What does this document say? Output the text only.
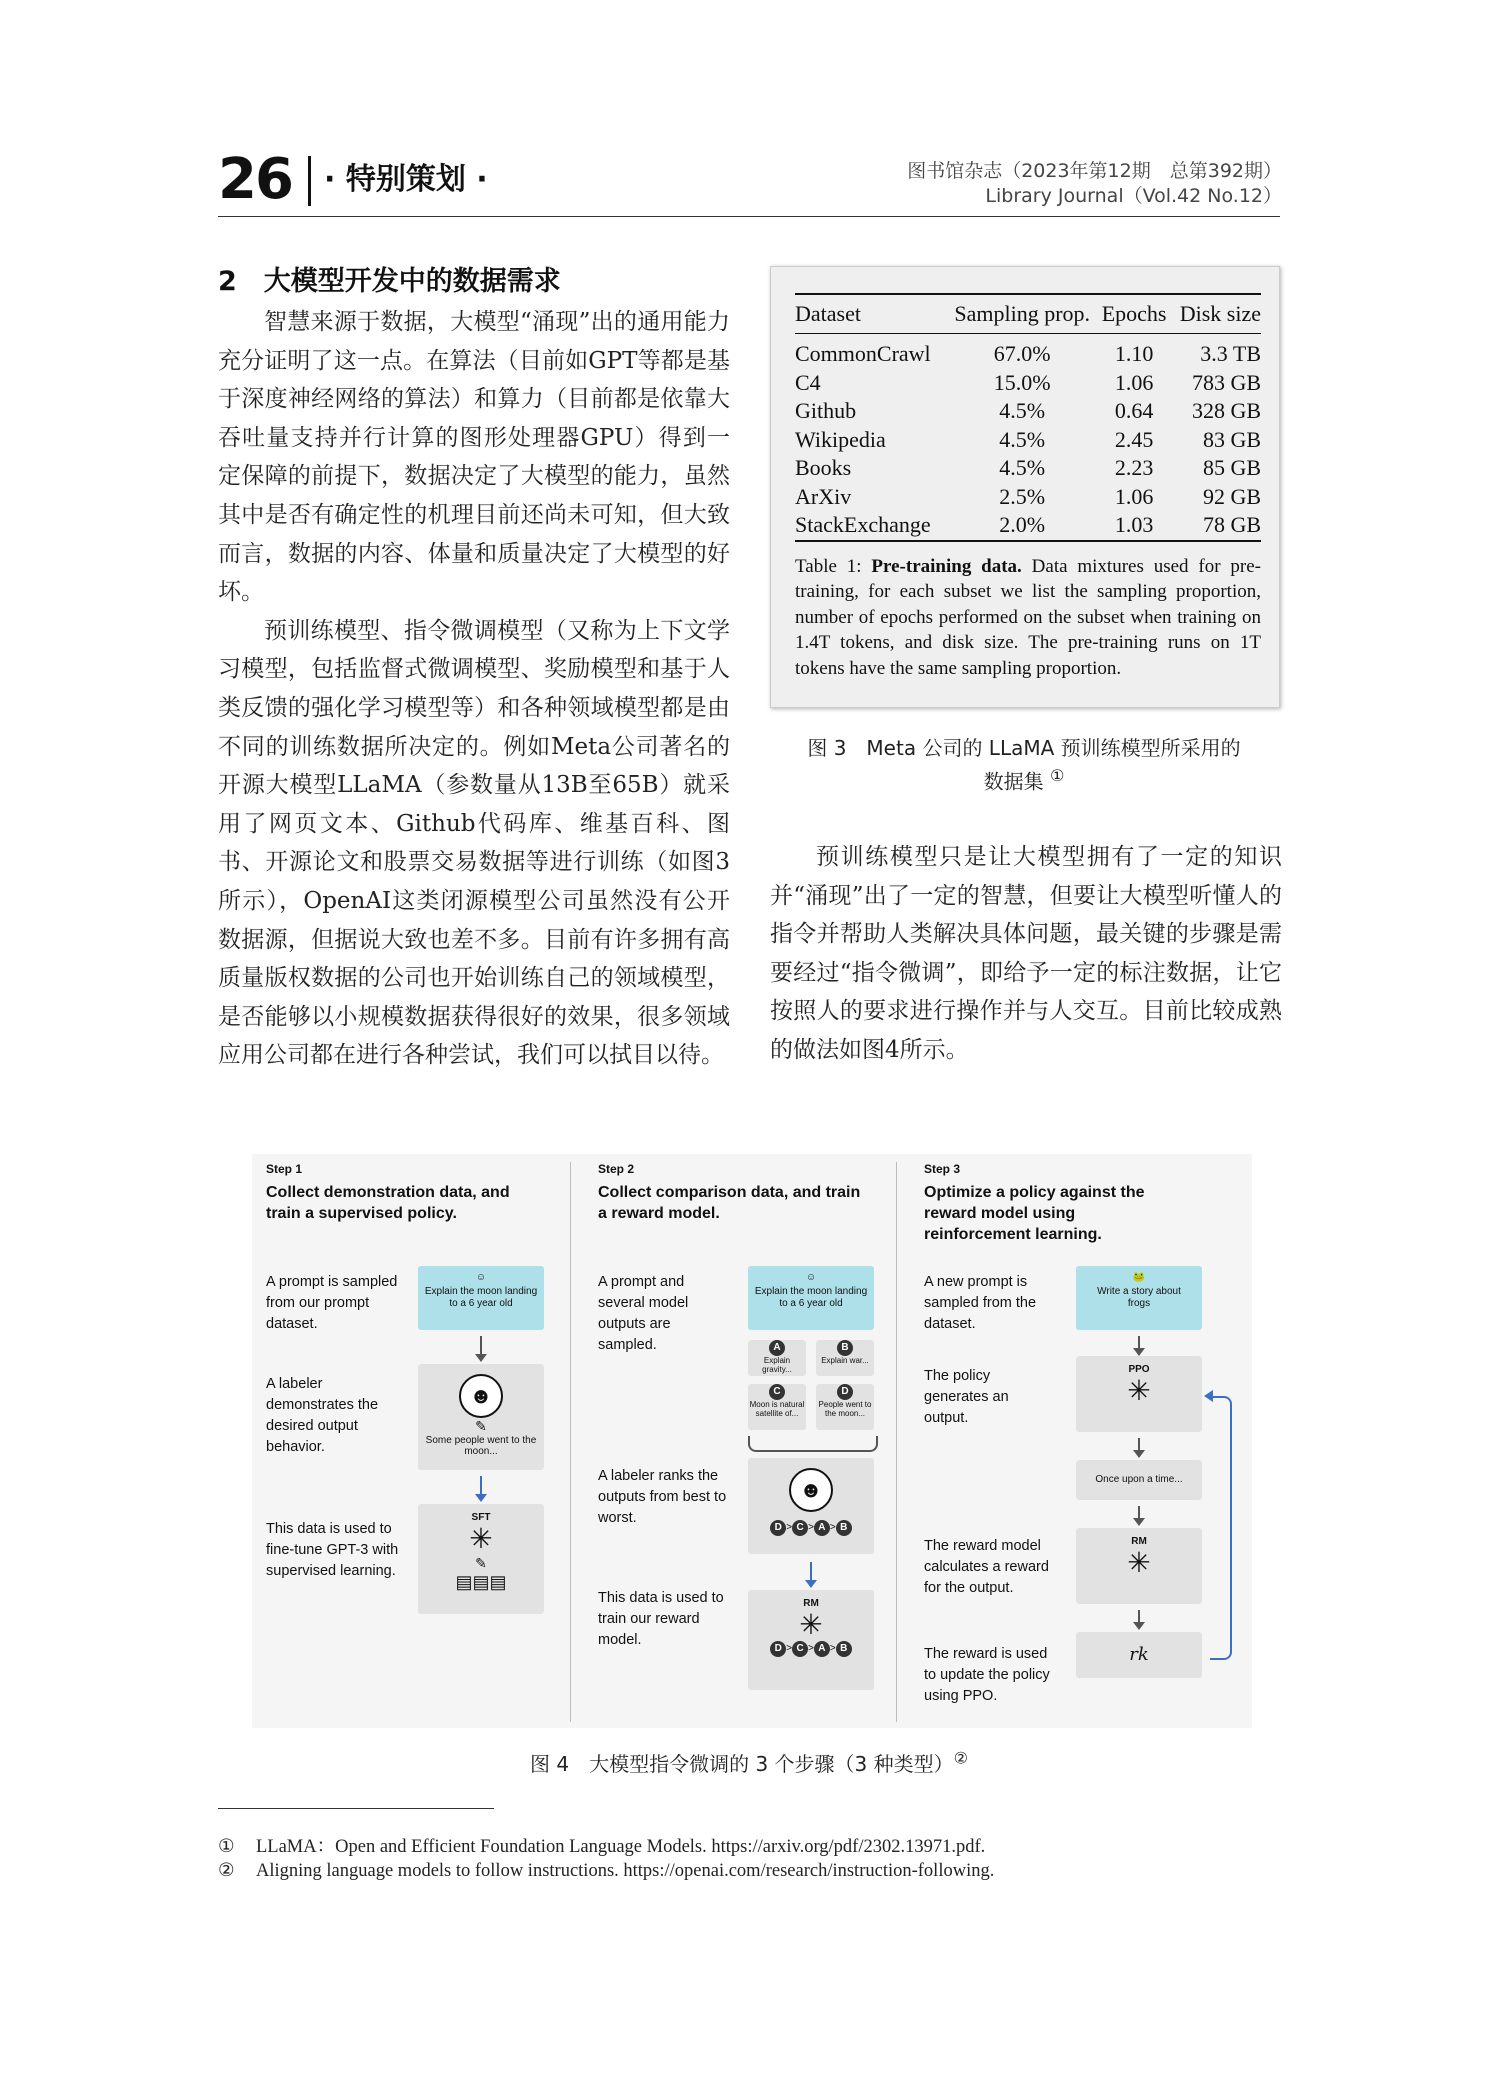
26 · 特别策划 ·	图书馆杂志（2023年第12期　总第392期）
Library Journal（Vol.42 No.12）
2　大模型开发中的数据需求

智慧来源于数据，大模型“涌现”出的通用能力充分证明了这一点。在算法（目前如GPT等都是基于深度神经网络的算法）和算力（目前都是依靠大吞吐量支持并行计算的图形处理器GPU）得到一定保障的前提下，数据决定了大模型的能力，虽然其中是否有确定性的机理目前还尚未可知，但大致而言，数据的内容、体量和质量决定了大模型的好坏。

预训练模型、指令微调模型（又称为上下文学习模型，包括监督式微调模型、奖励模型和基于人类反馈的强化学习模型等）和各种领域模型都是由不同的训练数据所决定的。例如Meta公司著名的开源大模型LLaMA（参数量从13B至65B）就采用了网页文本、Github代码库、维基百科、图书、开源论文和股票交易数据等进行训练（如图3所示），OpenAI这类闭源模型公司虽然没有公开数据源，但据说大致也差不多。目前有许多拥有高质量版权数据的公司也开始训练自己的领域模型，是否能够以小规模数据获得很好的效果，很多领域应用公司都在进行各种尝试，我们可以拭目以待。

Dataset	Sampling prop.	Epochs	Disk size
CommonCrawl	67.0%	1.10	3.3 TB
C4	15.0%	1.06	783 GB
Github	4.5%	0.64	328 GB
Wikipedia	4.5%	2.45	83 GB
Books	4.5%	2.23	85 GB
ArXiv	2.5%	1.06	92 GB
StackExchange	2.0%	1.03	78 GB
Table 1: Pre-training data. Data mixtures used for pre-training, for each subset we list the sampling proportion, number of epochs performed on the subset when training on 1.4T tokens, and disk size. The pre-training runs on 1T tokens have the same sampling proportion.
图 3　Meta 公司的 LLaMA 预训练模型所采用的
数据集 ①

预训练模型只是让大模型拥有了一定的知识并“涌现”出了一定的智慧，但要让大模型听懂人的指令并帮助人类解决具体问题，最关键的步骤是需要经过“指令微调”，即给予一定的标注数据，让它按照人的要求进行操作并与人交互。目前比较成熟的做法如图4所示。

Step 1
Collect demonstration data, and train a supervised policy.
A prompt is sampled from our prompt dataset.
A labeler demonstrates the desired output behavior.
This data is used to fine-tune GPT-3 with supervised learning.
☺
Explain the moon landing to a 6 year old
☻
✎
Some people went to the moon...
SFT
✳
✎
▤▤▤
Step 2
Collect comparison data, and train a reward model.
A prompt and several model outputs are sampled.
A labeler ranks the outputs from best to worst.
This data is used to train our reward model.
☺
Explain the moon landing to a 6 year old
A
Explain gravity...
B
Explain war...
C
Moon is natural satellite of...
D
People went to the moon...
☻
D > C > A > B
RM
✳
D > C > A > B
Step 3
Optimize a policy against the reward model using reinforcement learning.
A new prompt is sampled from the dataset.
The policy generates an output.
The reward model calculates a reward for the output.
The reward is used to update the policy using PPO.
🐸
Write a story about frogs
PPO
✳
Once upon a time...
RM
✳
rk
图 4　大模型指令微调的 3 个步骤（3 种类型）②
① LLaMA：Open and Efficient Foundation Language Models. https://arxiv.org/pdf/2302.13971.pdf.
② Aligning language models to follow instructions. https://openai.com/research/instruction-following.
